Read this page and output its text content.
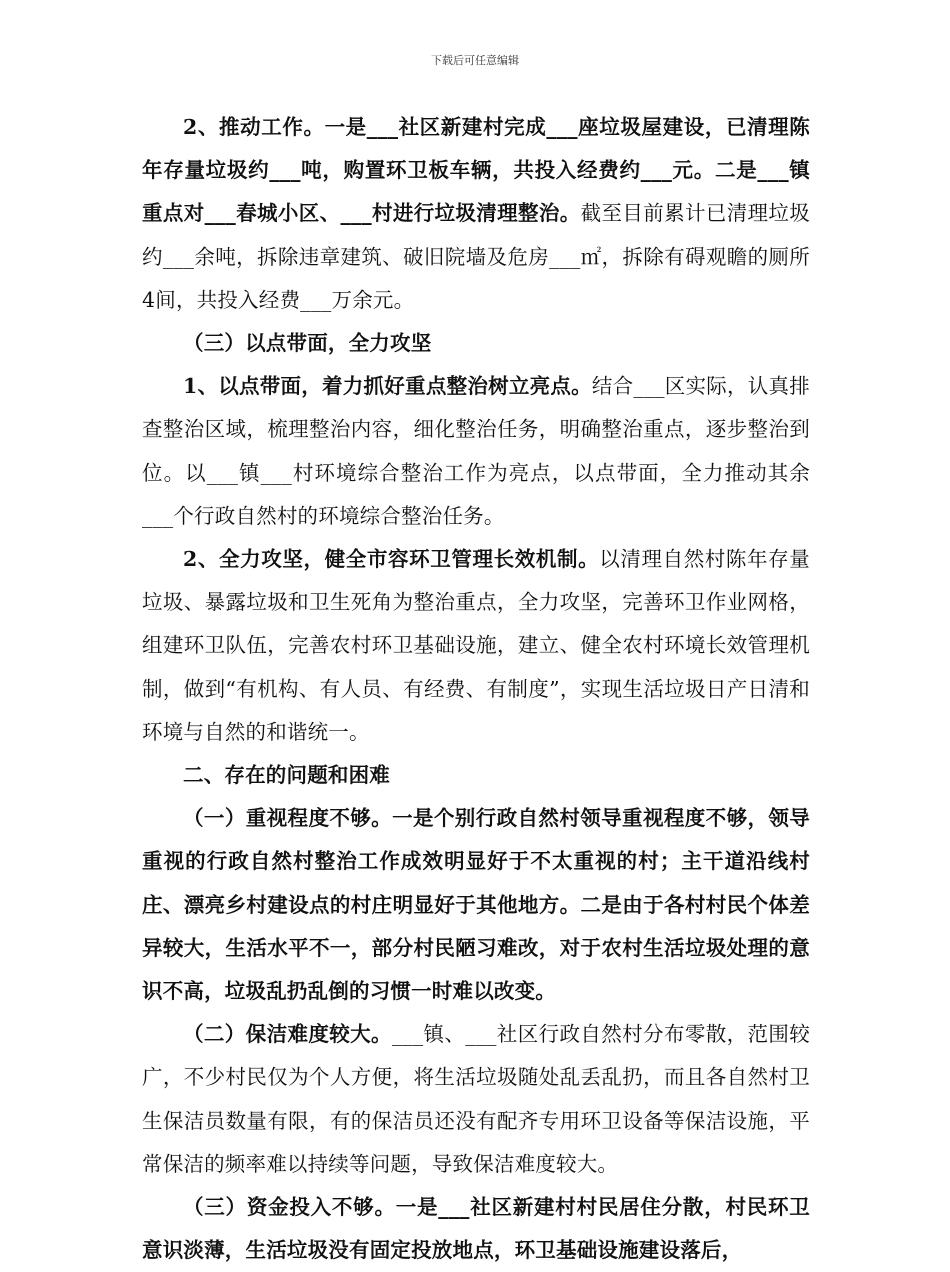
下载后可任意编辑

2、推动工作。一是___社区新建村完成___座垃圾屋建设，已清理陈年存量垃圾约___吨，购置环卫板车辆，共投入经费约___元。二是___镇重点对___春城小区、___村进行垃圾清理整治。截至目前累计已清理垃圾约___余吨，拆除违章建筑、破旧院墙及危房___㎡，拆除有碍观瞻的厕所4间，共投入经费___万余元。

（三）以点带面，全力攻坚

1、以点带面，着力抓好重点整治树立亮点。结合___区实际，认真排查整治区域，梳理整治内容，细化整治任务，明确整治重点，逐步整治到位。以___镇___村环境综合整治工作为亮点，以点带面，全力推动其余___个行政自然村的环境综合整治任务。

2、全力攻坚，健全市容环卫管理长效机制。以清理自然村陈年存量垃圾、暴露垃圾和卫生死角为整治重点，全力攻坚，完善环卫作业网格，组建环卫队伍，完善农村环卫基础设施，建立、健全农村环境长效管理机制，做到“有机构、有人员、有经费、有制度”，实现生活垃圾日产日清和环境与自然的和谐统一。

二、存在的问题和困难

（一）重视程度不够。一是个别行政自然村领导重视程度不够，领导重视的行政自然村整治工作成效明显好于不太重视的村；主干道沿线村庄、漂亮乡村建设点的村庄明显好于其他地方。二是由于各村村民个体差异较大，生活水平不一，部分村民陋习难改，对于农村生活垃圾处理的意识不高，垃圾乱扔乱倒的习惯一时难以改变。

（二）保洁难度较大。___镇、___社区行政自然村分布零散，范围较广，不少村民仅为个人方便，将生活垃圾随处乱丢乱扔，而且各自然村卫生保洁员数量有限，有的保洁员还没有配齐专用环卫设备等保洁设施，平常保洁的频率难以持续等问题，导致保洁难度较大。

（三）资金投入不够。一是___社区新建村村民居住分散，村民环卫意识淡薄，生活垃圾没有固定投放地点，环卫基础设施建设落后，
